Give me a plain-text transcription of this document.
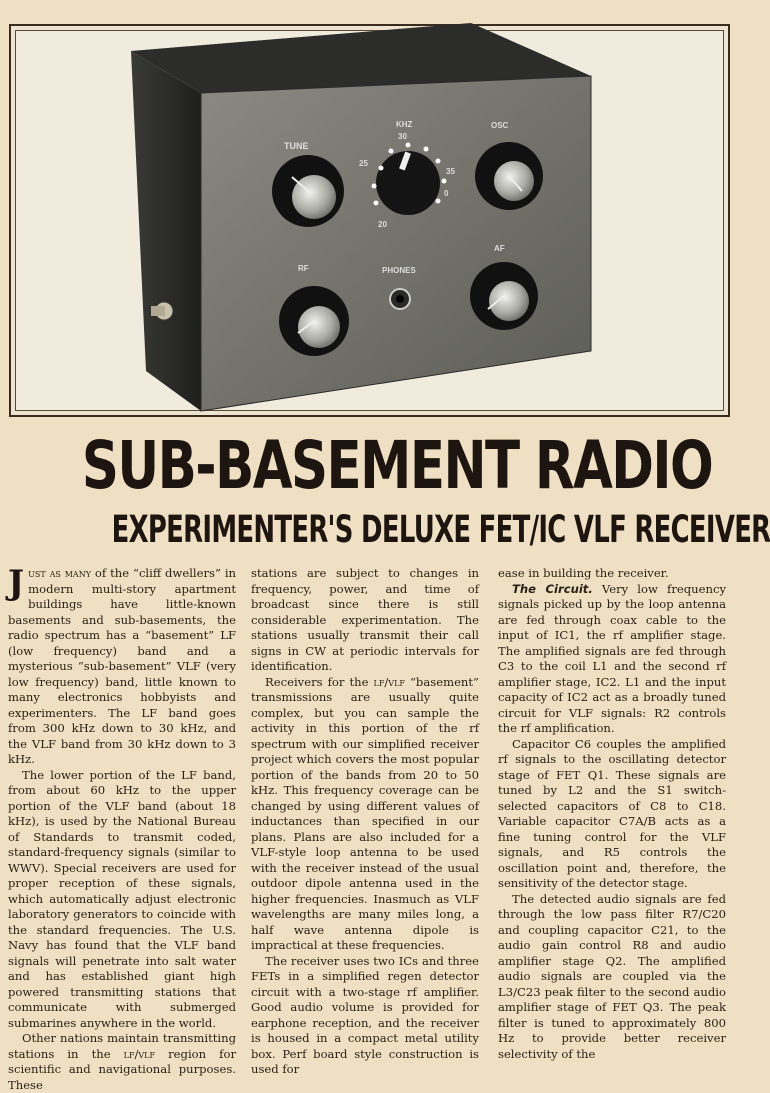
TUNE
KHZ
30
25
35
20
0
OSC
RF	PHONES
AF
SUB-BASEMENT RADIO
EXPERIMENTER'S DELUXE FET/IC VLF RECEIVER

Just as many of the “cliff dwellers” in modern multi-story apartment buildings have little-known basements and sub-basements, the radio spectrum has a “basement” LF (low frequency) band and a mysterious “sub-basement” VLF (very low frequency) band, little known to many electronics hobbyists and experimenters. The LF band goes from 300 kHz down to 30 kHz, and the VLF band from 30 kHz down to 3 kHz.

The lower portion of the LF band, from about 60 kHz to the upper portion of the VLF band (about 18 kHz), is used by the National Bureau of Standards to transmit coded, standard-frequency signals (similar to WWV). Special receivers are used for proper reception of these signals, which automatically adjust electronic laboratory generators to coincide with the standard frequencies. The U.S. Navy has found that the VLF band signals will penetrate into salt water and has established giant high powered transmitting stations that communicate with submerged submarines anywhere in the world.

Other nations maintain transmitting stations in the lf/vlf region for scientific and navigational purposes. These

stations are subject to changes in frequency, power, and time of broadcast since there is still considerable experimentation. The stations usually transmit their call signs in CW at periodic intervals for identification.

Receivers for the lf/vlf “basement” transmissions are usually quite complex, but you can sample the activity in this portion of the rf spectrum with our simplified receiver project which covers the most popular portion of the bands from 20 to 50 kHz. This frequency coverage can be changed by using different values of inductances than specified in our plans. Plans are also included for a VLF-style loop antenna to be used with the receiver instead of the usual outdoor dipole antenna used in the higher frequencies. Inasmuch as VLF wavelengths are many miles long, a half wave antenna dipole is impractical at these frequencies.

The receiver uses two ICs and three FETs in a simplified regen detector circuit with a two-stage rf amplifier. Good audio volume is provided for earphone reception, and the receiver is housed in a compact metal utility box. Perf board style construction is used for

ease in building the receiver.

The Circuit. Very low frequency signals picked up by the loop antenna are fed through coax cable to the input of IC1, the rf amplifier stage. The amplified signals are fed through C3 to the coil L1 and the second rf amplifier stage, IC2. L1 and the input capacity of IC2 act as a broadly tuned circuit for VLF signals: R2 controls the rf amplification.

Capacitor C6 couples the amplified rf signals to the oscillating detector stage of FET Q1. These signals are tuned by L2 and the S1 switch-selected capacitors of C8 to C18. Variable capacitor C7A/B acts as a fine tuning control for the VLF signals, and R5 controls the oscillation point and, therefore, the sensitivity of the detector stage.

The detected audio signals are fed through the low pass filter R7/C20 and coupling capacitor C21, to the audio gain control R8 and audio amplifier stage Q2. The amplified audio signals are coupled via the L3/C23 peak filter to the second audio amplifier stage of FET Q3. The peak filter is tuned to approximately 800 Hz to provide better receiver selectivity of the
